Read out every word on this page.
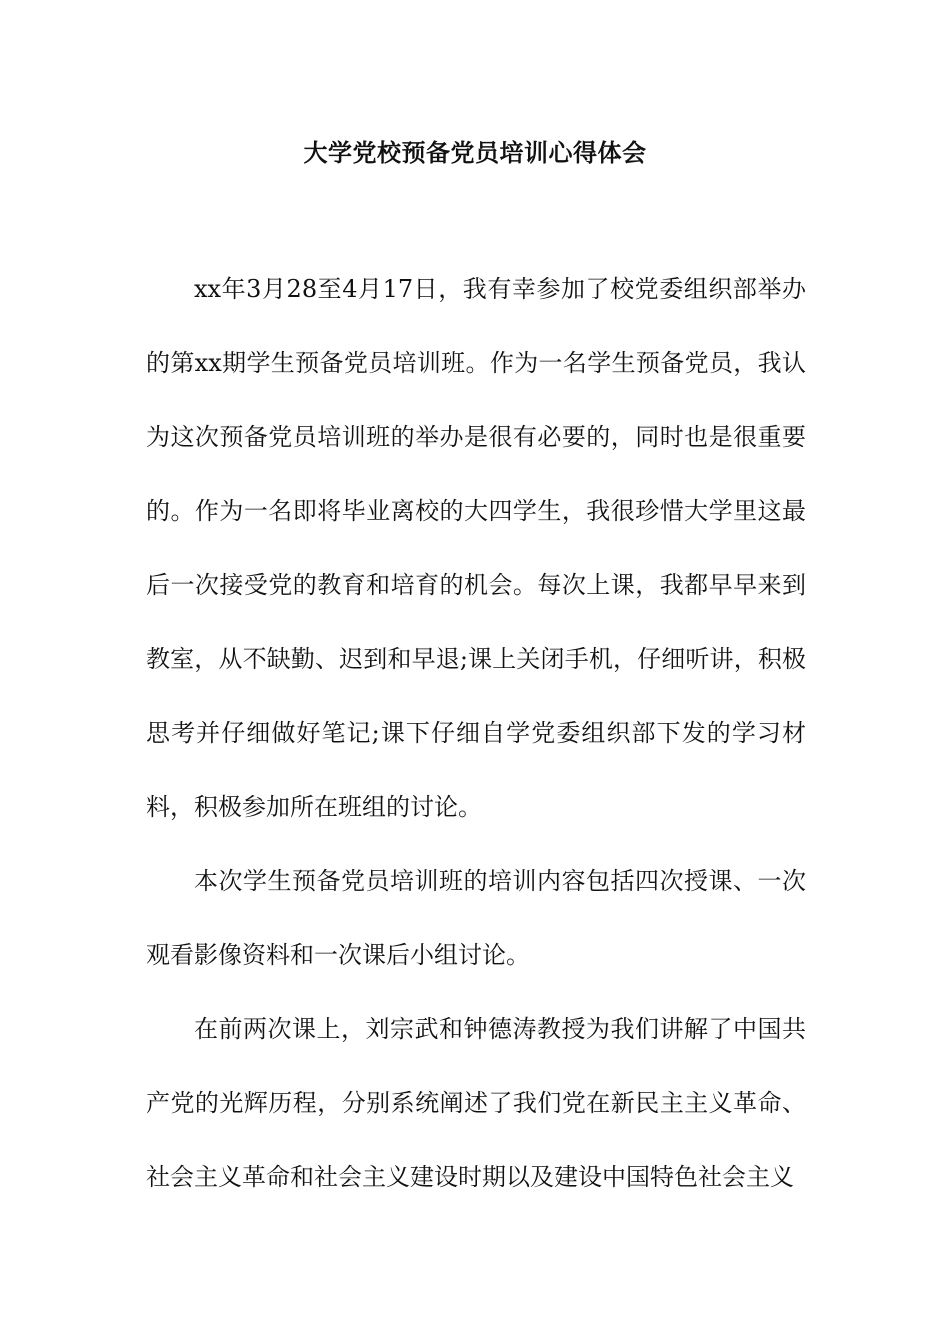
大学党校预备党员培训心得体会

xx年3月28至4月17日，我有幸参加了校党委组织部举办的第xx期学生预备党员培训班。作为一名学生预备党员，我认为这次预备党员培训班的举办是很有必要的，同时也是很重要的。作为一名即将毕业离校的大四学生，我很珍惜大学里这最后一次接受党的教育和培育的机会。每次上课，我都早早来到教室，从不缺勤、迟到和早退;课上关闭手机，仔细听讲，积极思考并仔细做好笔记;课下仔细自学党委组织部下发的学习材料，积极参加所在班组的讨论。

本次学生预备党员培训班的培训内容包括四次授课、一次观看影像资料和一次课后小组讨论。

在前两次课上，刘宗武和钟德涛教授为我们讲解了中国共产党的光辉历程，分别系统阐述了我们党在新民主主义革命、社会主义革命和社会主义建设时期以及建设中国特色社会主义
